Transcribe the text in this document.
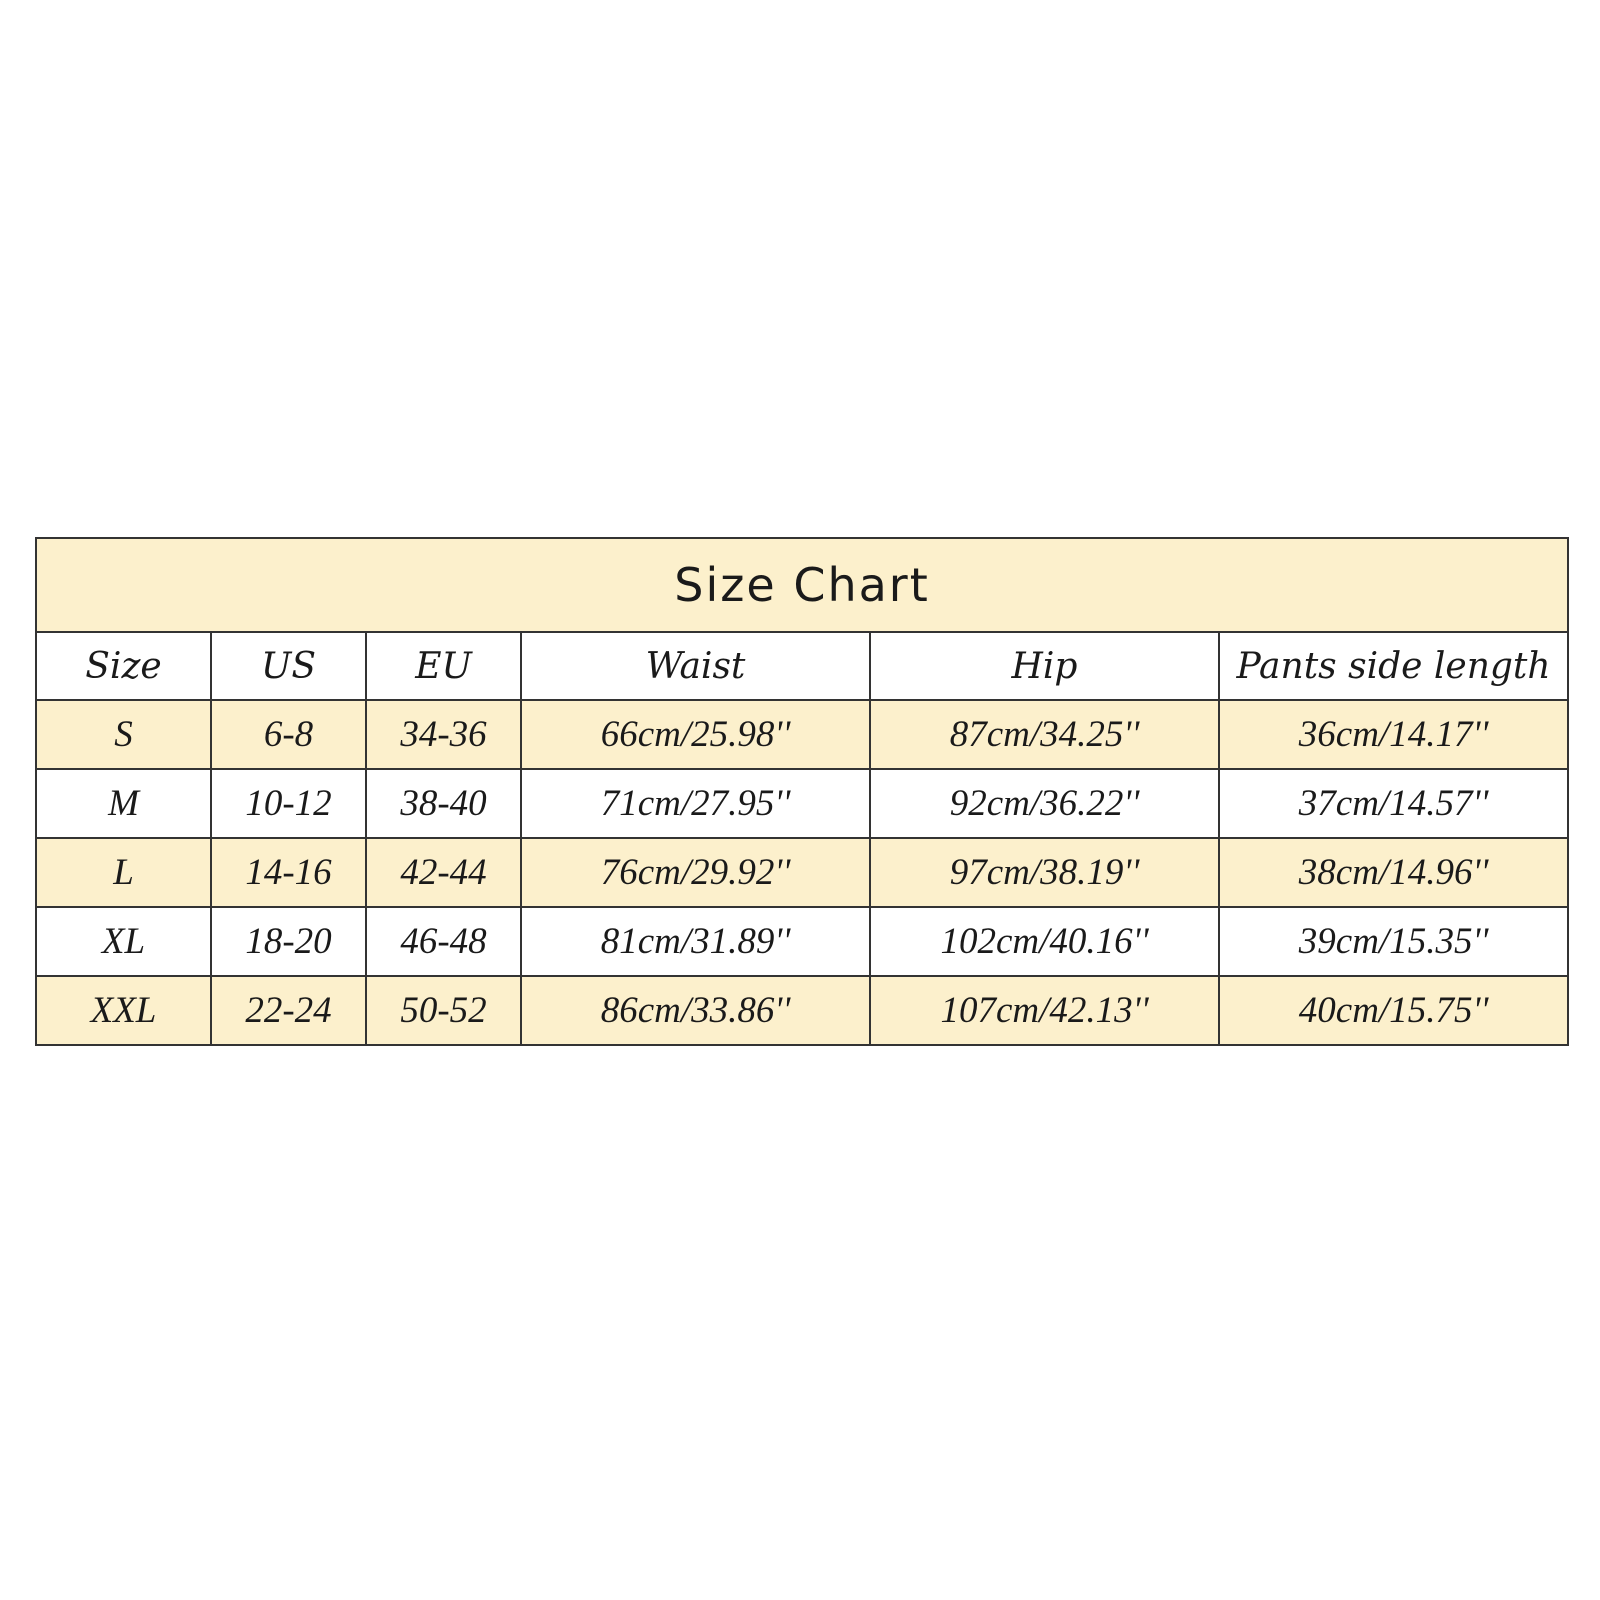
Size Chart					
Size	US	EU	Waist	Hip	Pants side length
S	6-8	34-36	66cm/25.98''	87cm/34.25''	36cm/14.17''
M	10-12	38-40	71cm/27.95''	92cm/36.22''	37cm/14.57''
L	14-16	42-44	76cm/29.92''	97cm/38.19''	38cm/14.96''
XL	18-20	46-48	81cm/31.89''	102cm/40.16''	39cm/15.35''
XXL	22-24	50-52	86cm/33.86''	107cm/42.13''	40cm/15.75''
